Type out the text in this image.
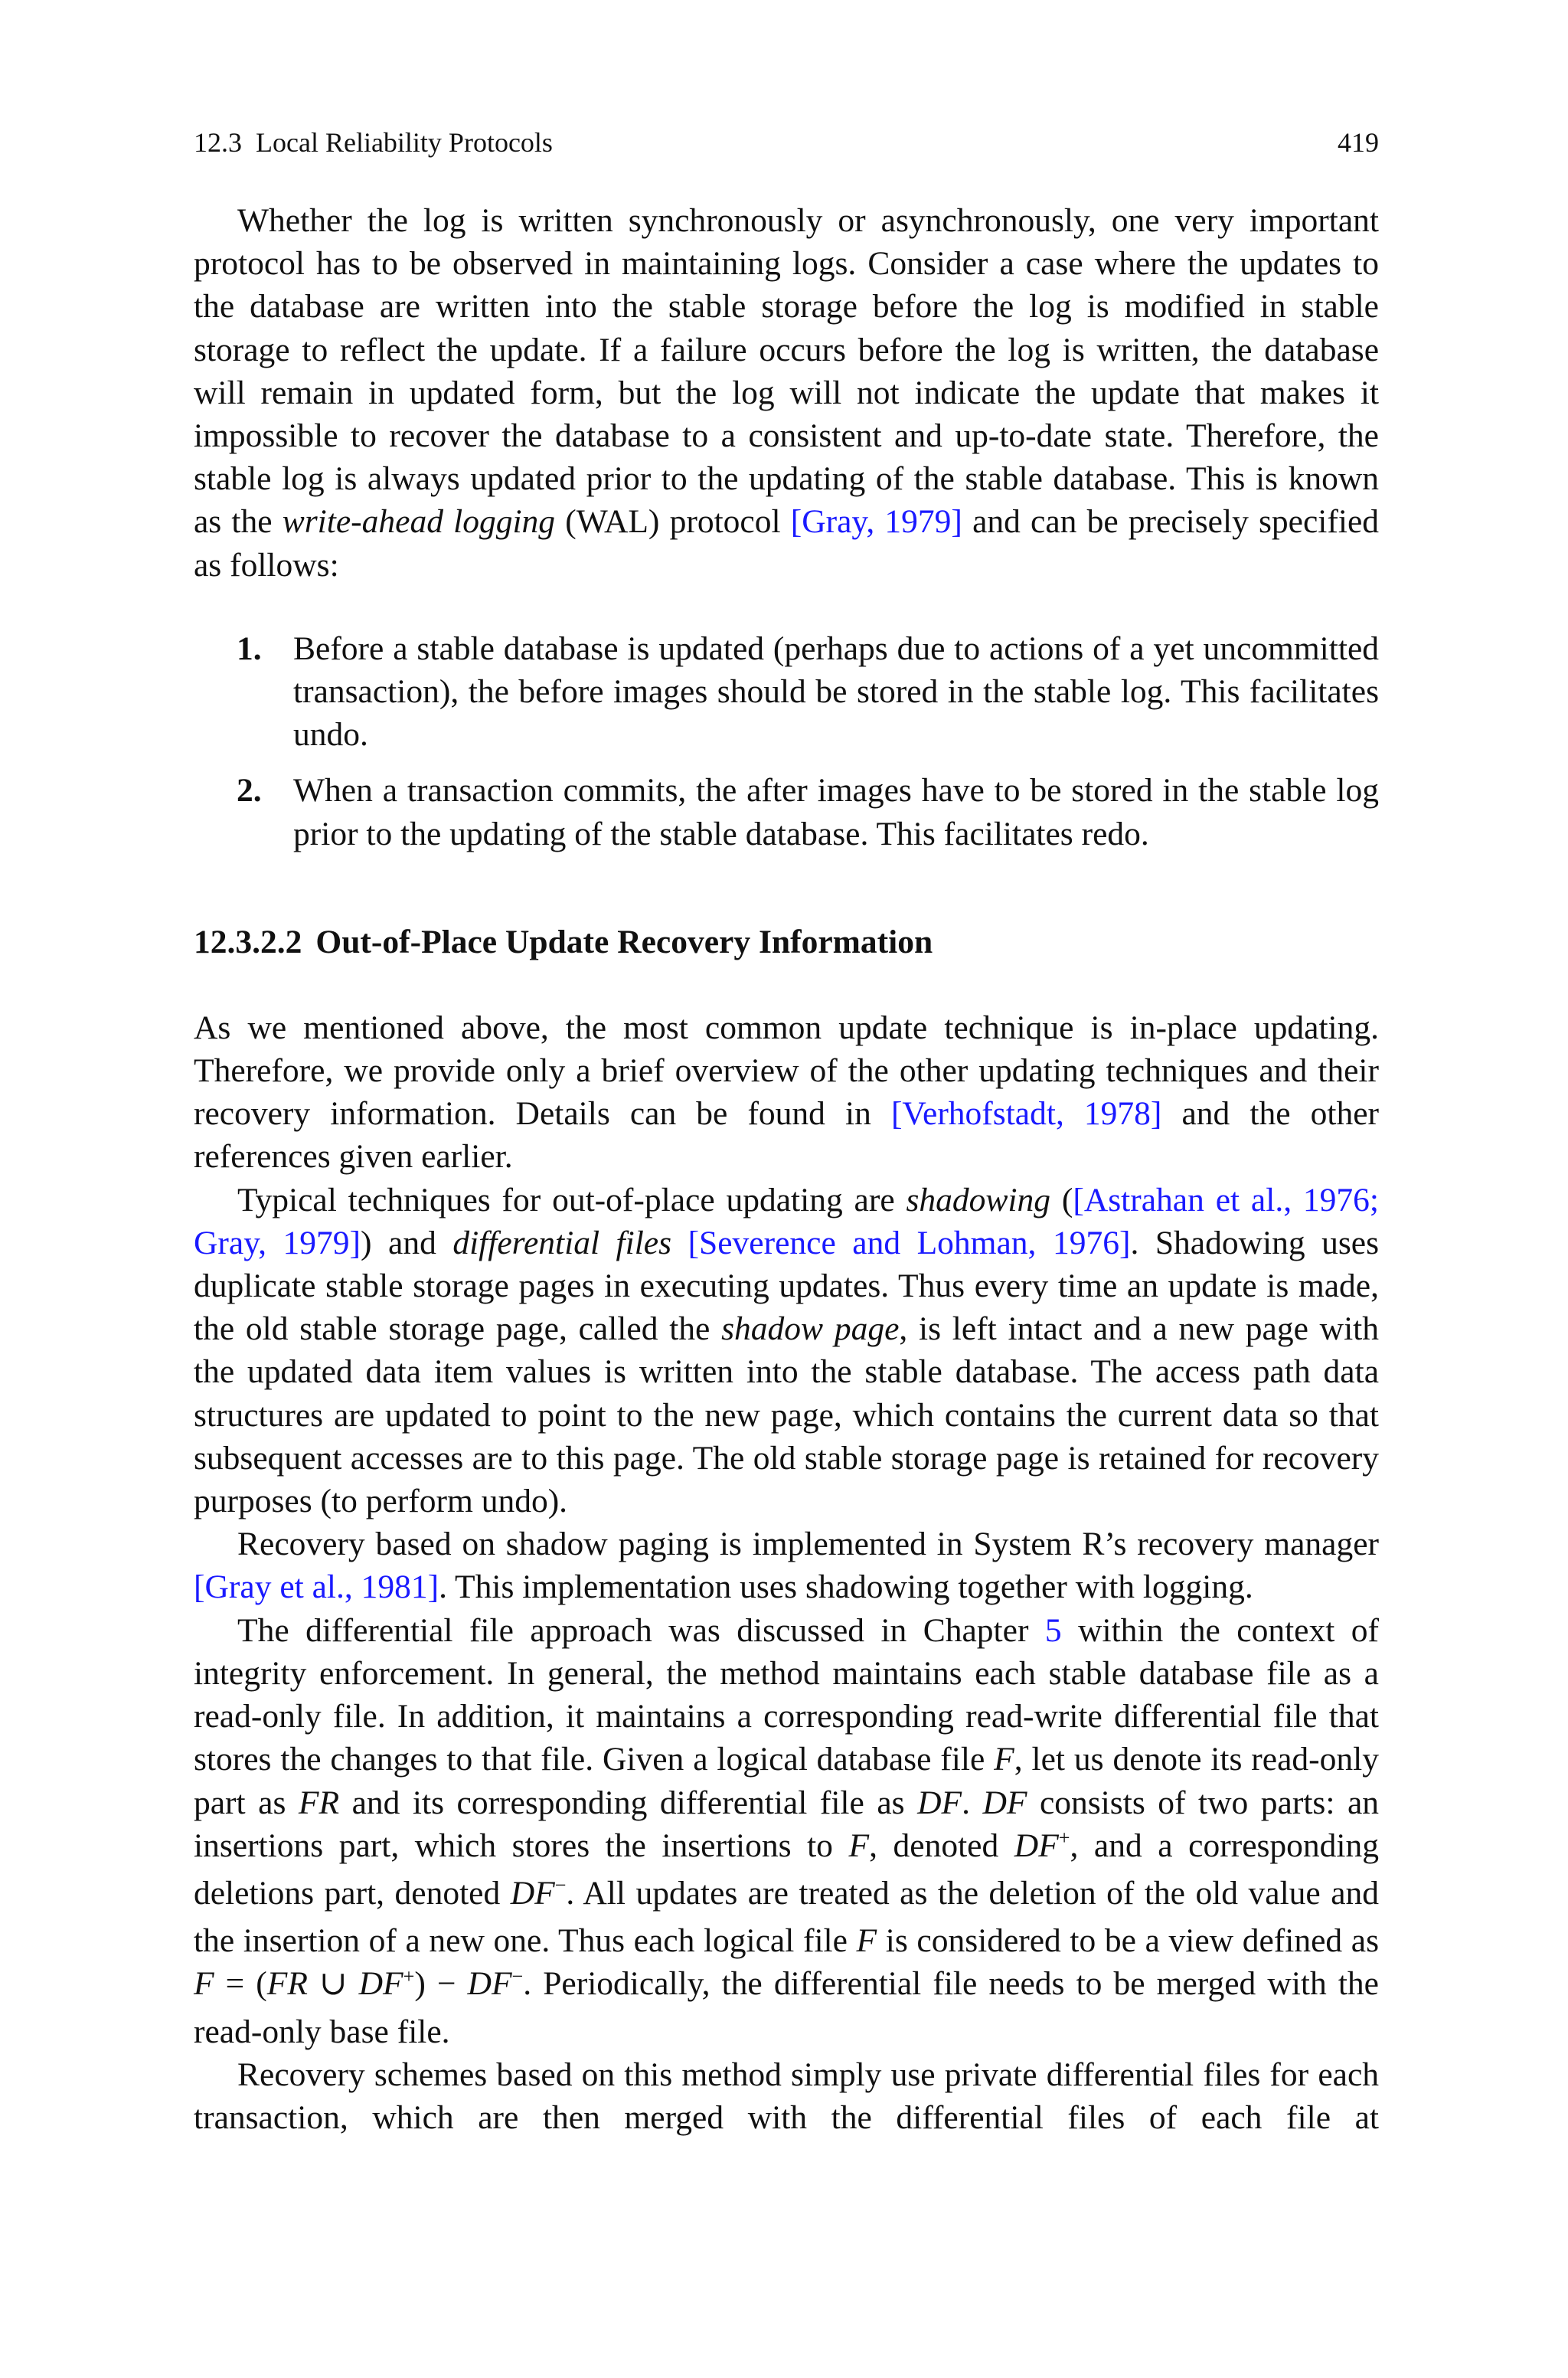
12.3  Local Reliability Protocols	419

Whether the log is written synchronously or asynchronously, one very important protocol has to be observed in maintaining logs. Consider a case where the updates to the database are written into the stable storage before the log is modified in stable storage to reflect the update. If a failure occurs before the log is written, the database will remain in updated form, but the log will not indicate the update that makes it impossible to recover the database to a consistent and up-to-date state. Therefore, the stable log is always updated prior to the updating of the stable database. This is known as the write-ahead logging (WAL) protocol [Gray, 1979] and can be precisely specified as follows:

1. Before a stable database is updated (perhaps due to actions of a yet uncommitted transaction), the before images should be stored in the stable log. This facilitates undo.
2. When a transaction commits, the after images have to be stored in the stable log prior to the updating of the stable database. This facilitates redo.
12.3.2.2 Out-of-Place Update Recovery Information

As we mentioned above, the most common update technique is in-place updating. Therefore, we provide only a brief overview of the other updating techniques and their recovery information. Details can be found in [Verhofstadt, 1978] and the other references given earlier.

Typical techniques for out-of-place updating are shadowing ([Astrahan et al., 1976; Gray, 1979]) and differential files [Severence and Lohman, 1976]. Shadowing uses duplicate stable storage pages in executing updates. Thus every time an update is made, the old stable storage page, called the shadow page, is left intact and a new page with the updated data item values is written into the stable database. The access path data structures are updated to point to the new page, which contains the current data so that subsequent accesses are to this page. The old stable storage page is retained for recovery purposes (to perform undo).

Recovery based on shadow paging is implemented in System R’s recovery manager [Gray et al., 1981]. This implementation uses shadowing together with logging.

The differential file approach was discussed in Chapter 5 within the context of integrity enforcement. In general, the method maintains each stable database file as a read-only file. In addition, it maintains a corresponding read-write differential file that stores the changes to that file. Given a logical database file F, let us denote its read-only part as FR and its corresponding differential file as DF. DF consists of two parts: an insertions part, which stores the insertions to F, denoted DF+, and a corresponding deletions part, denoted DF−. All updates are treated as the deletion of the old value and the insertion of a new one. Thus each logical file F is considered to be a view defined as F = (FR ∪ DF+) − DF−. Periodically, the differential file needs to be merged with the read-only base file.

Recovery schemes based on this method simply use private differential files for each transaction, which are then merged with the differential files of each file at
